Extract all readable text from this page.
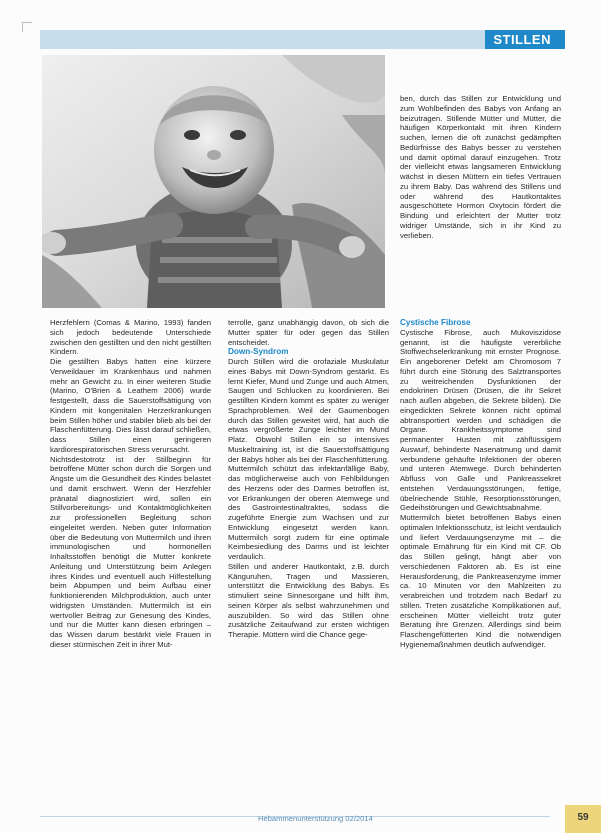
STILLEN

Herzfehlern (Comas & Marino, 1993) fanden sich jedoch bedeutende Unterschiede zwischen den gestillten und den nicht gestillten Kindern.

Die gestillten Babys hatten eine kürzere Verweildauer im Krankenhaus und nahmen mehr an Gewicht zu. In einer weiteren Studie (Marino, O'Brien & Leathem 2006) wurde festgestellt, dass die Sauerstoffsättigung von Kindern mit kongenitalen Herzerkrankungen beim Stillen höher und stabiler blieb als bei der Flaschenfütterung. Dies lässt darauf schließen, dass Stillen einen geringeren kardiorespiratorischen Stress verursacht.

Nichtsdestotrotz ist der Stillbeginn für betroffene Mütter schon durch die Sorgen und Ängste um die Gesundheit des Kindes belastet und damit erschwert. Wenn der Herzfehler pränatal diagnostiziert wird, sollen ein Stillvorbereitungs- und Kontaktmöglichkeiten zur professionellen Begleitung schon eingeleitet werden. Neben guter Information über die Bedeutung von Muttermilch und ihren immunologischen und hormonellen Inhaltsstoffen benötigt die Mutter konkrete Anleitung und Unterstützung beim Anlegen ihres Kindes und eventuell auch Hilfestellung beim Abpumpen und beim Aufbau einer funktionierenden Milchproduktion, auch unter widrigsten Umständen. Muttermilch ist ein wertvoller Beitrag zur Genesung des Kindes, und nur die Mutter kann diesen erbringen – das Wissen darum bestärkt viele Frauen in dieser stürmischen Zeit in ihrer Mut-

terrolle, ganz unabhängig davon, ob sich die Mutter später für oder gegen das Stillen entscheidet.

Down-Syndrom

Durch Stillen wird die orofaziale Muskulatur eines Babys mit Down-Syndrom gestärkt. Es lernt Kiefer, Mund und Zunge und auch Atmen, Saugen und Schlucken zu koordinieren. Bei gestillten Kindern kommt es später zu weniger Sprachproblemen. Weil der Gaumenbogen durch das Stillen geweitet wird, hat auch die etwas vergrößerte Zunge leichter im Mund Platz. Obwohl Stillen ein so intensives Muskeltraining ist, ist die Sauerstoffsättigung der Babys höher als bei der Flaschenfütterung. Muttermilch schützt das infektanfällige Baby, das möglicherweise auch von Fehlbildungen des Herzens oder des Darmes betroffen ist, vor Erkrankungen der oberen Atemwege und des Gastrointestinaltraktes, sodass die zugeführte Energie zum Wachsen und zur Entwicklung eingesetzt werden kann. Muttermilch sorgt zudem für eine optimale Keimbesiedlung des Darms und ist leichter verdaulich.

Stillen und anderer Hautkontakt, z.B. durch Känguruhen, Tragen und Massieren, unterstützt die Entwicklung des Babys. Es stimuliert seine Sinnesorgane und hilft ihm, seinen Körper als selbst wahrzunehmen und auszubilden. So wird das Stillen ohne zusätzliche Zeitaufwand zur ersten wichtigen Therapie. Müttern wird die Chance gege-

ben, durch das Stillen zur Entwicklung und zum Wohlbefinden des Babys von Anfang an beizutragen. Stillende Mütter und Mütter, die häufigen Körperkontakt mit ihren Kindern suchen, lernen die oft zunächst gedämpften Bedürfnisse des Babys besser zu verstehen und damit optimal darauf einzugehen. Trotz der vielleicht etwas langsameren Entwicklung wächst in diesen Müttern ein tiefes Vertrauen zu ihrem Baby. Das während des Stillens und oder während des Hautkontaktes ausgeschüttete Hormon Oxytocin fördert die Bindung und erleichtert der Mutter trotz widriger Umstände, sich in ihr Kind zu verlieben.

Cystische Fibrose

Cystische Fibrose, auch Mukoviszidose genannt, ist die häufigste vererbliche Stoffwechselerkrankung mit ernster Prognose. Ein angeborener Defekt am Chromosom 7 führt durch eine Störung des Salztransportes zu weitreichenden Dysfunktionen der endokrinen Drüsen (Drüsen, die ihr Sekret nach außen abgeben, die Sekrete bilden). Die eingedickten Sekrete können nicht optimal abtransportiert werden und schädigen die Organe. Krankheitssymptome sind permanenter Husten mit zähflüssigem Auswurf, behinderte Nasenatmung und damit verbundene gehäufte Infektionen der oberen und unteren Atemwege. Durch behinderten Abfluss von Galle und Pankreassekret entstehen Verdauungsstörungen, fettige, übelriechende Stühle, Resorptionsstörungen, Gedeihstörungen und Gewichtsabnahme.

Muttermilch bietet betroffenen Babys einen optimalen Infektionsschutz, ist leicht verdaulich und liefert Verdauungsenzyme mit – die optimale Ernährung für ein Kind mit CF. Ob das Stillen gelingt, hängt aber von verschiedenen Faktoren ab. Es ist eine Herausforderung, die Pankreasenzyme immer ca. 10 Minuten vor den Mahlzeiten zu verabreichen und trotzdem nach Bedarf zu stillen. Treten zusätzliche Komplikationen auf, erscheinen Mütter vielleicht trotz guter Beratung ihre Grenzen. Allerdings sind beim Flaschengefütterten Kind die notwendigen Hygienemaßnahmen deutlich aufwendiger.

Hebammenunterstützung 02/2014	59
